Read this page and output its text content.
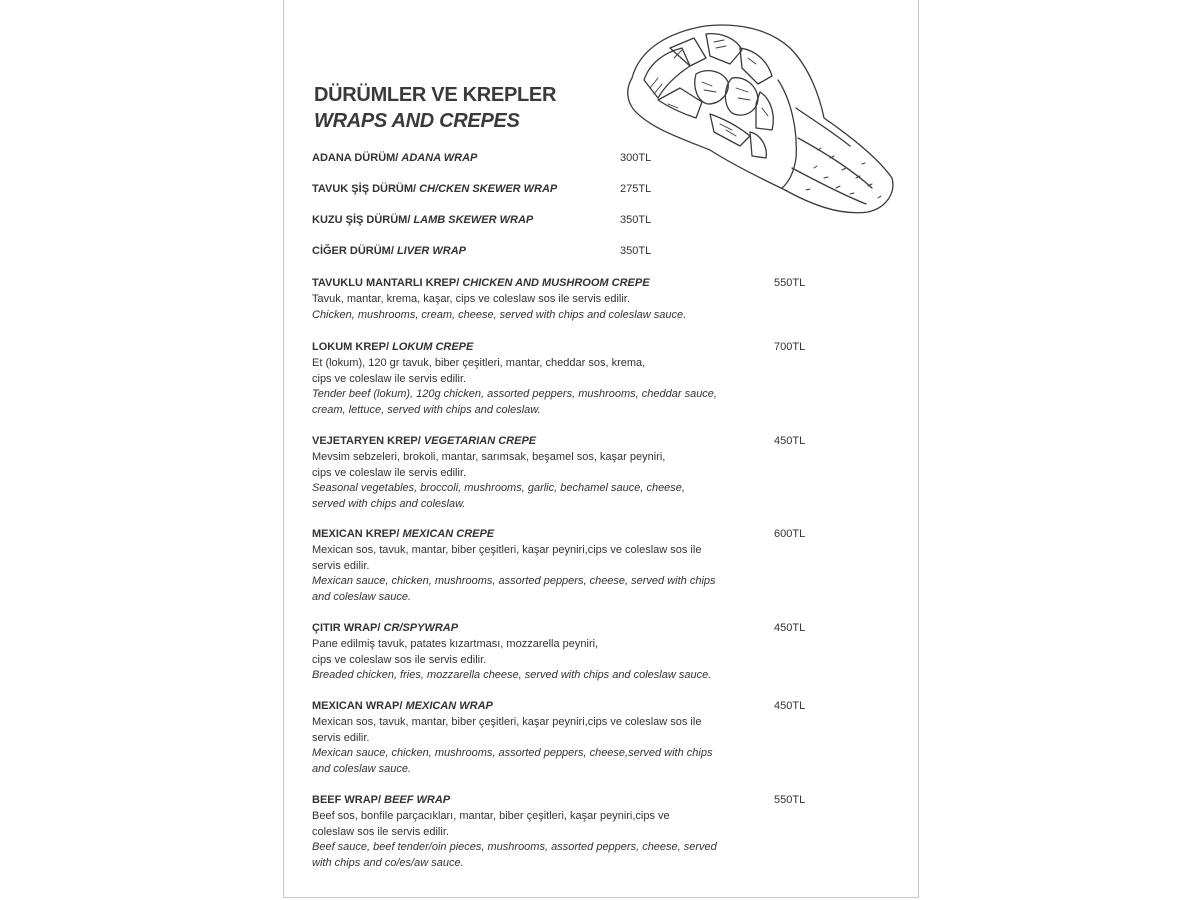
DÜRÜMLER VE KREPLER
WRAPS AND CREPES
ADANA DÜRÜM/ ADANA WRAP	300TL
TAVUK ŞİŞ DÜRÜM/ CH/CKEN SKEWER WRAP	275TL
KUZU ŞİŞ DÜRÜM/ LAMB SKEWER WRAP	350TL
CİĞER DÜRÜM/ LIVER WRAP	350TL
TAVUKLU MANTARLI KREP/ CHICKEN AND MUSHROOM CREPE	550TL
Tavuk, mantar, krema, kaşar, cips ve coleslaw sos ile servis edilir.
Chicken, mushrooms, cream, cheese, served with chips and coleslaw sauce.
LOKUM KREP/ LOKUM CREPE	700TL
Et (lokum), 120 gr tavuk, biber çeşitleri, mantar, cheddar sos, krema,
cips ve coleslaw ile servis edilir.
Tender beef (lokum), 120g chicken, assorted peppers, mushrooms, cheddar sauce,
cream, lettuce, served with chips and coleslaw.
VEJETARYEN KREP/ VEGETARIAN CREPE	450TL
Mevsim sebzeleri, brokoli, mantar, sarımsak, beşamel sos, kaşar peyniri,
cips ve coleslaw ile servis edilir.
Seasonal vegetables, broccoli, mushrooms, garlic, bechamel sauce, cheese,
served with chips and coleslaw.
MEXICAN KREP/ MEXICAN CREPE	600TL
Mexican sos, tavuk, mantar, biber çeşitleri, kaşar peyniri,cips ve coleslaw sos ile
servis edilir.
Mexican sauce, chicken, mushrooms, assorted peppers, cheese, served with chips
and coleslaw sauce.
ÇITIR WRAP/ CR/SPYWRAP	450TL
Pane edilmiş tavuk, patates kızartması, mozzarella peyniri,
cips ve coleslaw sos ile servis edilir.
Breaded chicken, fries, mozzarella cheese, served with chips and coleslaw sauce.
MEXICAN WRAP/ MEXICAN WRAP	450TL
Mexican sos, tavuk, mantar, biber çeşitleri, kaşar peyniri,cips ve coleslaw sos ile
servis edilir.
Mexican sauce, chicken, mushrooms, assorted peppers, cheese,served with chips
and coleslaw sauce.
BEEF WRAP/ BEEF WRAP	550TL
Beef sos, bonfile parçacıkları, mantar, biber çeşitleri, kaşar peyniri,cips ve
coleslaw sos ile servis edilir.
Beef sauce, beef tender/oin pieces, mushrooms, assorted peppers, cheese, served
with chips and co/es/aw sauce.
